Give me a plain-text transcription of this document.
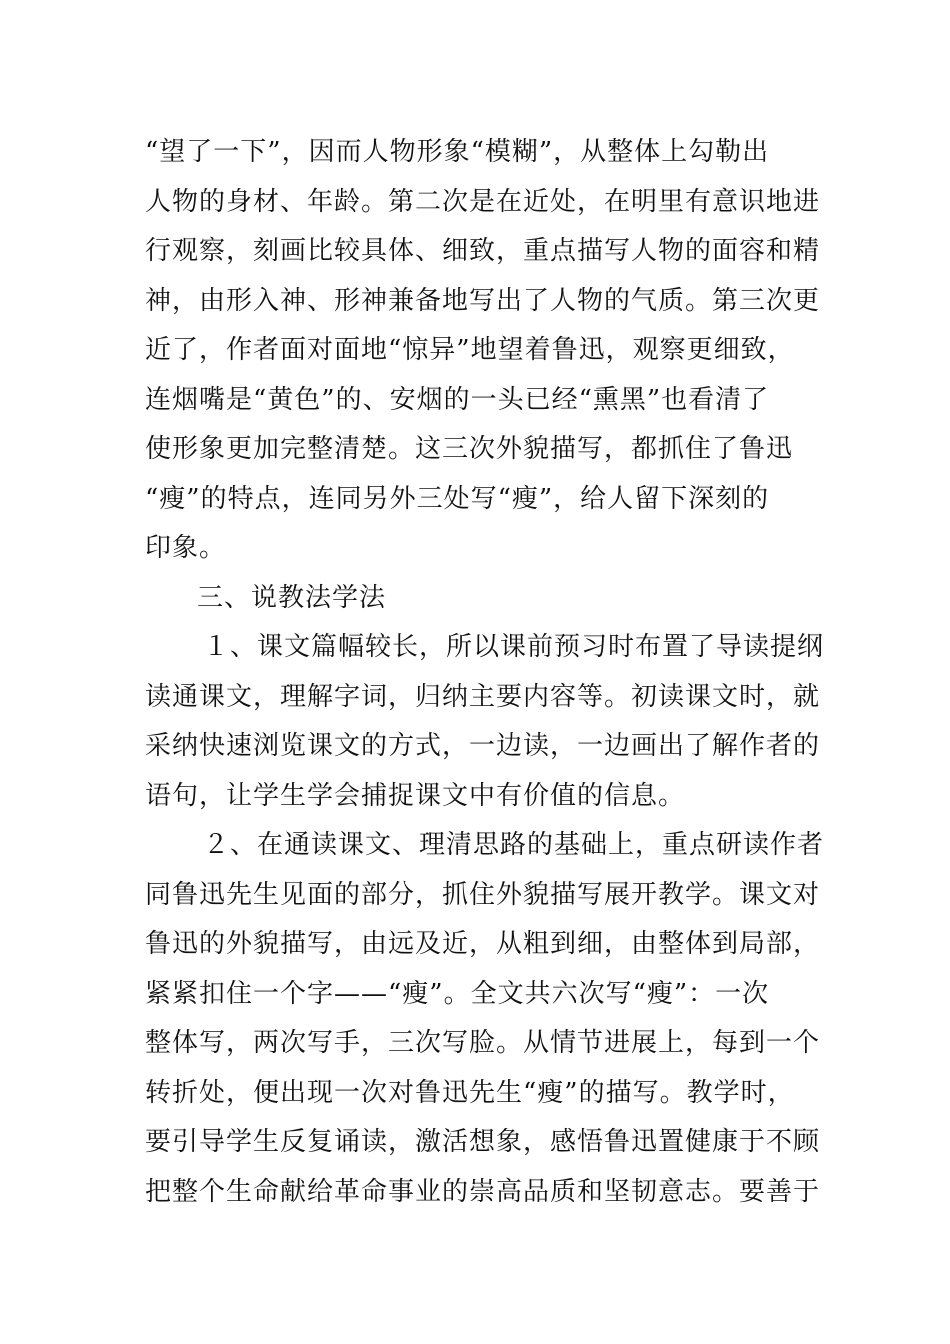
“望了一下”，因而人物形象“模糊”，从整体上勾勒出
人物的身材、年龄。第二次是在近处，在明里有意识地进
行观察，刻画比较具体、细致，重点描写人物的面容和精
神，由形入神、形神兼备地写出了人物的气质。第三次更
近了，作者面对面地“惊异”地望着鲁迅，观察更细致，
连烟嘴是“黄色”的、安烟的一头已经“熏黑”也看清了
使形象更加完整清楚。这三次外貌描写，都抓住了鲁迅
“瘦”的特点，连同另外三处写“瘦”，给人留下深刻的
印象。
三、说教法学法
１、课文篇幅较长，所以课前预习时布置了导读提纲
读通课文，理解字词，归纳主要内容等。初读课文时，就
采纳快速浏览课文的方式，一边读，一边画出了解作者的
语句，让学生学会捕捉课文中有价值的信息。
２、在通读课文、理清思路的基础上，重点研读作者
同鲁迅先生见面的部分，抓住外貌描写展开教学。课文对
鲁迅的外貌描写，由远及近，从粗到细，由整体到局部，
紧紧扣住一个字——“瘦”。全文共六次写“瘦”：一次
整体写，两次写手，三次写脸。从情节进展上，每到一个
转折处，便出现一次对鲁迅先生“瘦”的描写。教学时，
要引导学生反复诵读，激活想象，感悟鲁迅置健康于不顾
把整个生命献给革命事业的崇高品质和坚韧意志。要善于
